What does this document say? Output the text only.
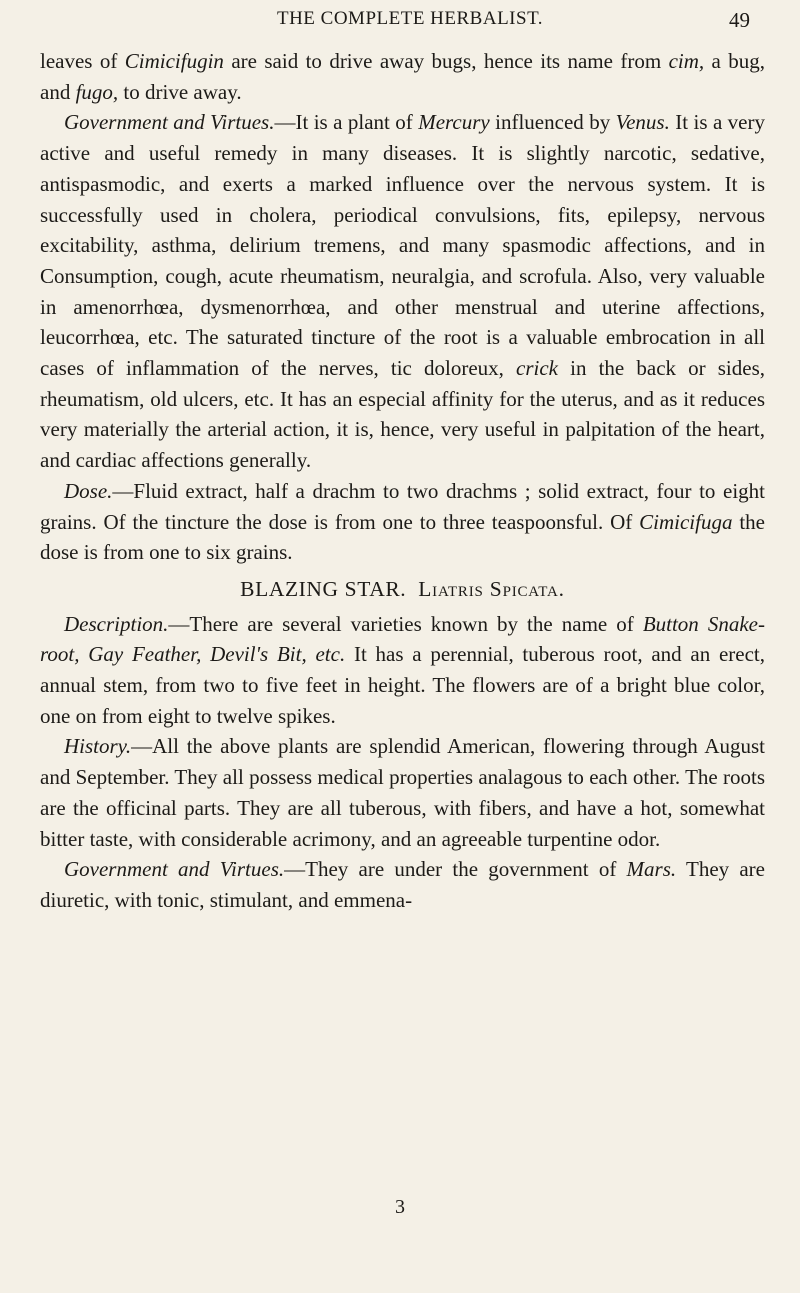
THE COMPLETE HERBALIST.	49

leaves of Cimicifugin are said to drive away bugs, hence its name from cim, a bug, and fugo, to drive away.

Government and Virtues.—It is a plant of Mercury influenced by Venus. It is a very active and useful remedy in many diseases. It is slightly narcotic, sedative, antispasmodic, and exerts a marked influence over the nervous system. It is successfully used in cholera, periodical convulsions, fits, epilepsy, nervous excitability, asthma, delirium tremens, and many spasmodic affections, and in Consumption, cough, acute rheumatism, neuralgia, and scrofula. Also, very valuable in amenorrhœa, dysmenorrhœa, and other menstrual and uterine affections, leucorrhœa, etc. The saturated tincture of the root is a valuable embrocation in all cases of inflammation of the nerves, tic doloreux, crick in the back or sides, rheumatism, old ulcers, etc. It has an especial affinity for the uterus, and as it reduces very materially the arterial action, it is, hence, very useful in palpitation of the heart, and cardiac affections generally.

Dose.—Fluid extract, half a drachm to two drachms ; solid extract, four to eight grains. Of the tincture the dose is from one to three teaspoonsful. Of Cimicifuga the dose is from one to six grains.

BLAZING STAR. Liatris Spicata.

Description.—There are several varieties known by the name of Button Snake-root, Gay Feather, Devil's Bit, etc. It has a perennial, tuberous root, and an erect, annual stem, from two to five feet in height. The flowers are of a bright blue color, one on from eight to twelve spikes.

History.—All the above plants are splendid American, flowering through August and September. They all possess medical properties analagous to each other. The roots are the officinal parts. They are all tuberous, with fibers, and have a hot, somewhat bitter taste, with considerable acrimony, and an agreeable turpentine odor.

Government and Virtues.—They are under the government of Mars. They are diuretic, with tonic, stimulant, and emmena-

3
